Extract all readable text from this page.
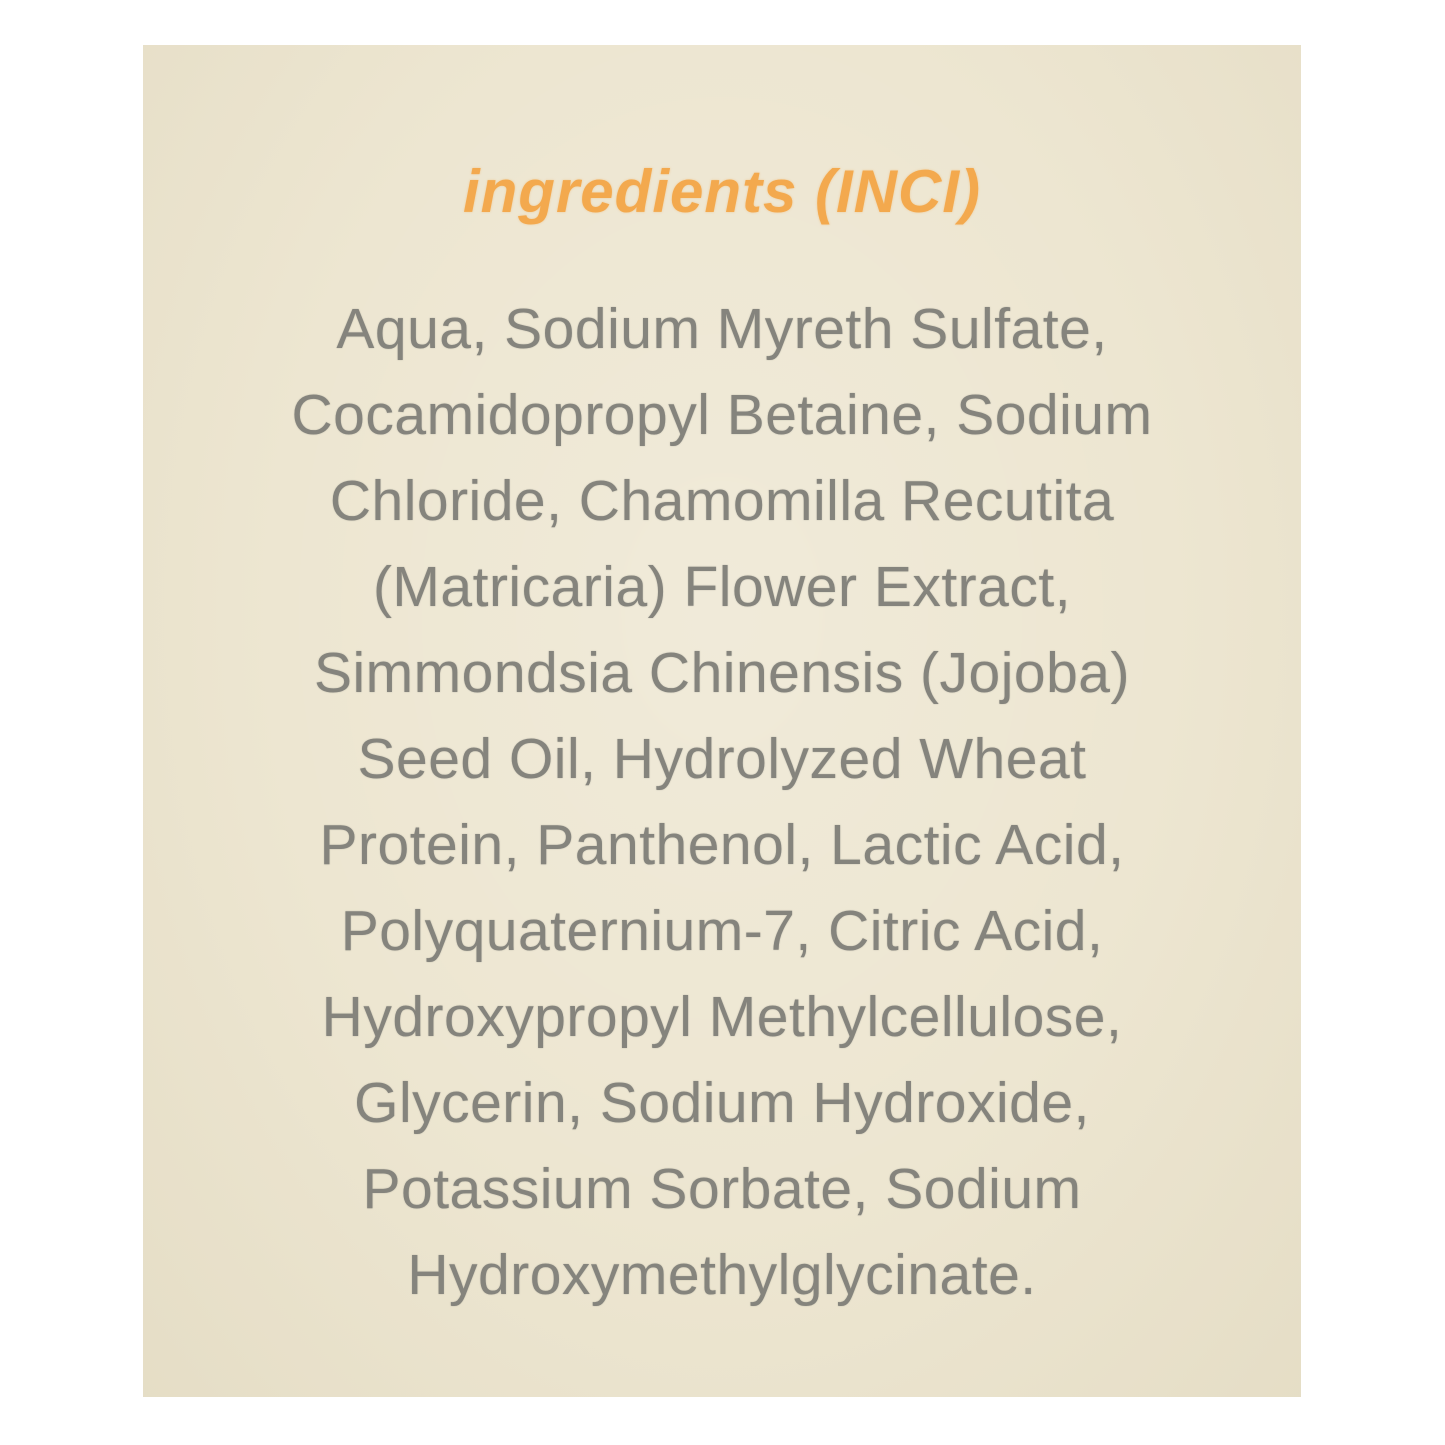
ingredients (INCI)
Aqua, Sodium Myreth Sulfate,
Cocamidopropyl Betaine, Sodium
Chloride, Chamomilla Recutita
(Matricaria) Flower Extract,
Simmondsia Chinensis (Jojoba)
Seed Oil, Hydrolyzed Wheat
Protein, Panthenol, Lactic Acid,
Polyquaternium-7, Citric Acid,
Hydroxypropyl Methylcellulose,
Glycerin, Sodium Hydroxide,
Potassium Sorbate, Sodium
Hydroxymethylglycinate.
